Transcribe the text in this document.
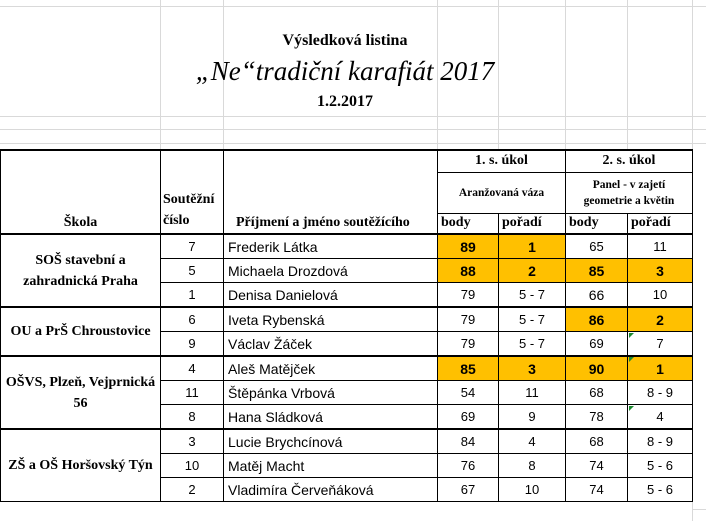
Výsledková listina
„Ne“tradiční karafiát 2017
1.2.2017
Škola	Soutěžní číslo	Příjmení a jméno soutěžícího	1. s. úkol		2. s. úkol	
			Aranžovaná váza		Panel - v zajetí geometrie a květin	
			body	pořadí	body	pořadí
SOŠ stavební a zahradnická Praha	7	Frederik Látka	89	1	65	11
	5	Michaela Drozdová	88	2	85	3
	1	Denisa Danielová	79	5 - 7	66	10
OU a PrŠ Chroustovice	6	Iveta Rybenská	79	5 - 7	86	2
	9	Václav Žáček	79	5 - 7	69	7
OŠVS, Plzeň, Vejprnická 56	4	Aleš Matějček	85	3	90	1
	11	Štěpánka Vrbová	54	11	68	8 - 9
	8	Hana Sládková	69	9	78	4
ZŠ a OŠ Horšovský Týn	3	Lucie Brychcínová	84	4	68	8 - 9
	10	Matěj Macht	76	8	74	5 - 6
	2	Vladimíra Červeňáková	67	10	74	5 - 6
